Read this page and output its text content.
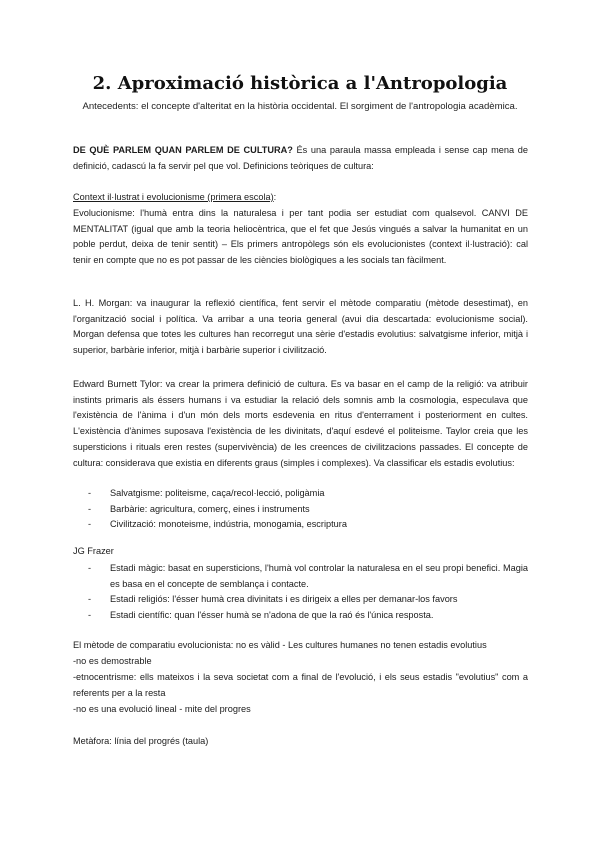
2. Aproximació històrica a l'Antropologia

Antecedents: el concepte d'alteritat en la història occidental. El sorgiment de l'antropologia acadèmica.

DE QUÈ PARLEM QUAN PARLEM DE CULTURA? És una paraula massa empleada i sense cap mena de definició, cadascú la fa servir pel que vol. Definicions teòriques de cultura:

Context il·lustrat i evolucionisme (primera escola):

Evolucionisme: l'humà entra dins la naturalesa i per tant podia ser estudiat com qualsevol. CANVI DE MENTALITAT (igual que amb la teoria heliocèntrica, que el fet que Jesús vingués a salvar la humanitat en un poble perdut, deixa de tenir sentit) – Els primers antropòlegs són els evolucionistes (context il·lustració): cal tenir en compte que no es pot passar de les ciències biològiques a les socials tan fàcilment.

L. H. Morgan: va inaugurar la reflexió científica, fent servir el mètode comparatiu (mètode desestimat), en l'organització social i política. Va arribar a una teoria general (avui dia descartada: evolucionisme social). Morgan defensa que totes les cultures han recorregut una sèrie d'estadis evolutius: salvatgisme inferior, mitjà i superior, barbàrie inferior, mitjà i barbàrie superior i civilització.

Edward Burnett Tylor: va crear la primera definició de cultura. Es va basar en el camp de la religió: va atribuir instints primaris als éssers humans i va estudiar la relació dels somnis amb la cosmologia, especulava que l'existència de l'ànima i d'un món dels morts esdevenia en ritus d'enterrament i posteriorment en cultes. L'existència d'ànimes suposava l'existència de les divinitats, d'aquí esdevé el politeisme. Taylor creia que les supersticions i rituals eren restes (supervivència) de les creences de civilitzacions passades. El concepte de cultura: considerava que existia en diferents graus (simples i complexes). Va classificar els estadis evolutius:

- Salvatgisme: politeisme, caça/recol·lecció, poligàmia
- Barbàrie: agricultura, comerç, eines i instruments
- Civilització: monoteisme, indústria, monogamia, escriptura

JG Frazer

- Estadi màgic: basat en supersticions, l'humà vol controlar la naturalesa en el seu propi benefici. Magia es basa en el concepte de semblança i contacte.
- Estadi religiós: l'ésser humà crea divinitats i es dirigeix a elles per demanar-los favors
- Estadi científic: quan l'ésser humà se n'adona de que la raó és l'única resposta.

El mètode de comparatiu evolucionista: no es vàlid - Les cultures humanes no tenen estadis evolutius

-no es demostrable

-etnocentrisme: ells mateixos i la seva societat com a final de l'evolució, i els seus estadis "evolutius" com a referents per a la resta

-no es una evolució lineal - mite del progres

Metàfora: línia del progrés (taula)
